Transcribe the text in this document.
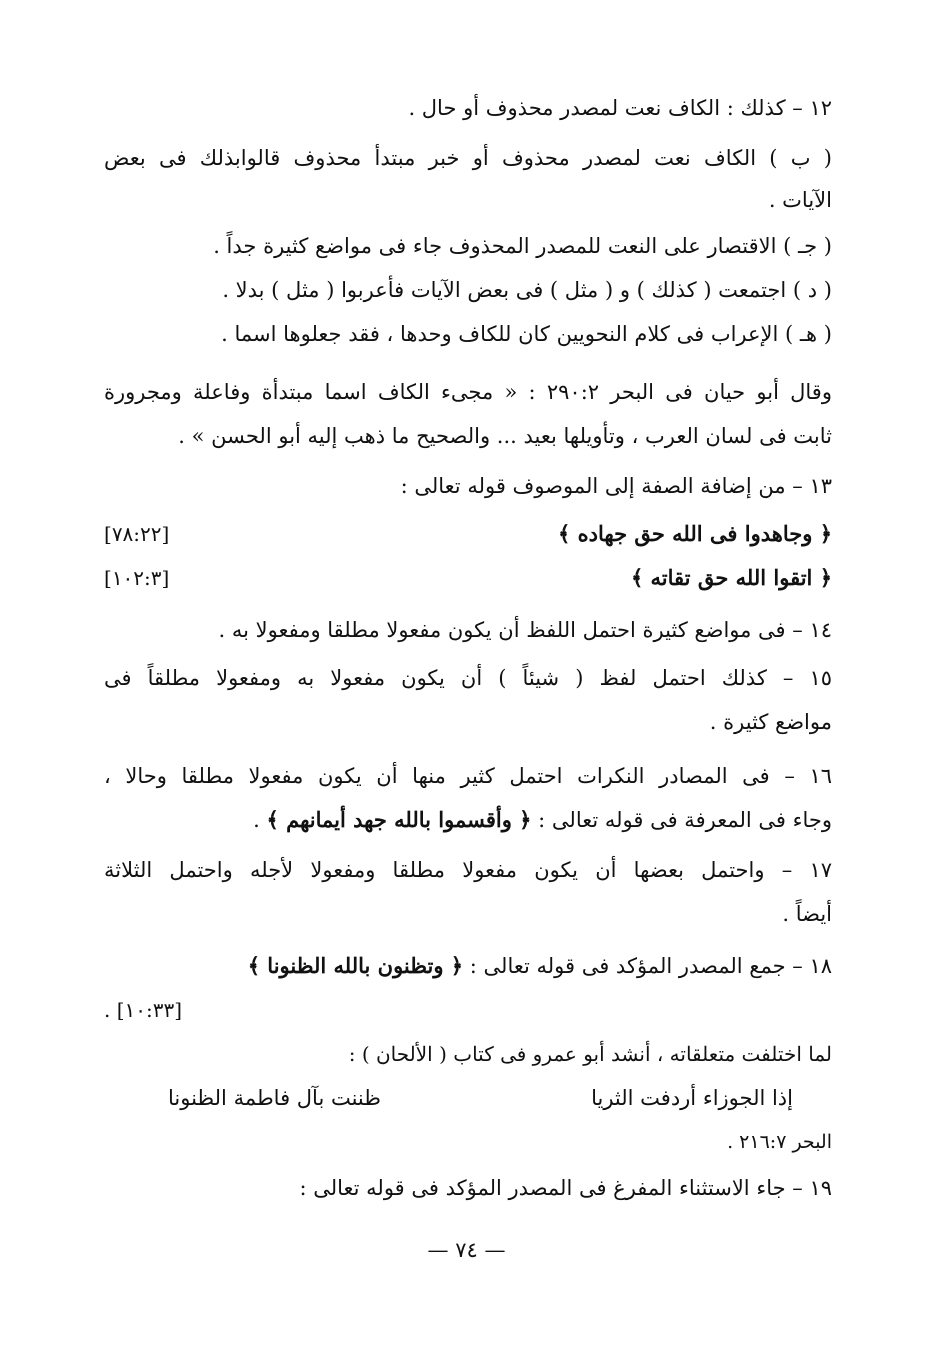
١٢ – كذلك : الكاف نعت لمصدر محذوف أو حال .
( ب ) الكاف نعت لمصدر محذوف أو خبر مبتدأ محذوف قالوابذلك فى بعض
الآيات .
( جـ ) الاقتصار على النعت للمصدر المحذوف جاء فى مواضع كثيرة جداً .
( د ) اجتمعت ( كذلك ) و ( مثل ) فى بعض الآيات فأعربوا ( مثل ) بدلا .
( هـ ) الإعراب فى كلام النحويين كان للكاف وحدها ، فقد جعلوها اسما .
وقال أبو حيان فى البحر ٢٩٠:٢ : « مجىء الكاف اسما مبتدأة وفاعلة ومجرورة
ثابت فى لسان العرب ، وتأويلها بعيد ... والصحيح ما ذهب إليه أبو الحسن » .
١٣ – من إضافة الصفة إلى الموصوف قوله تعالى :
﴿ وجاهدوا فى الله حق جهاده ﴾
[٧٨:٢٢]
﴿ اتقوا الله حق تقاته ﴾
[١٠٢:٣]
١٤ – فى مواضع كثيرة احتمل اللفظ أن يكون مفعولا مطلقا ومفعولا به .
١٥ – كذلك احتمل لفظ ( شيئاً ) أن يكون مفعولا به ومفعولا مطلقاً فى
مواضع كثيرة .
١٦ – فى المصادر النكرات احتمل كثير منها أن يكون مفعولا مطلقا وحالا ،
وجاء فى المعرفة فى قوله تعالى : ﴿ وأقسموا بالله جهد أيمانهم ﴾ .
١٧ – واحتمل بعضها أن يكون مفعولا مطلقا ومفعولا لأجله واحتمل الثلاثة
أيضاً .
١٨ – جمع المصدر المؤكد فى قوله تعالى : ﴿ وتظنون بالله الظنونا ﴾
. [١٠:٣٣]
لما اختلفت متعلقاته ، أنشد أبو عمرو فى كتاب ( الألحان ) :
إذا الجوزاء أردفت الثريا
ظننت بآل فاطمة الظنونا
البحر ٢١٦:٧ .
١٩ – جاء الاستثناء المفرغ فى المصدر المؤكد فى قوله تعالى :
— ٧٤ —
